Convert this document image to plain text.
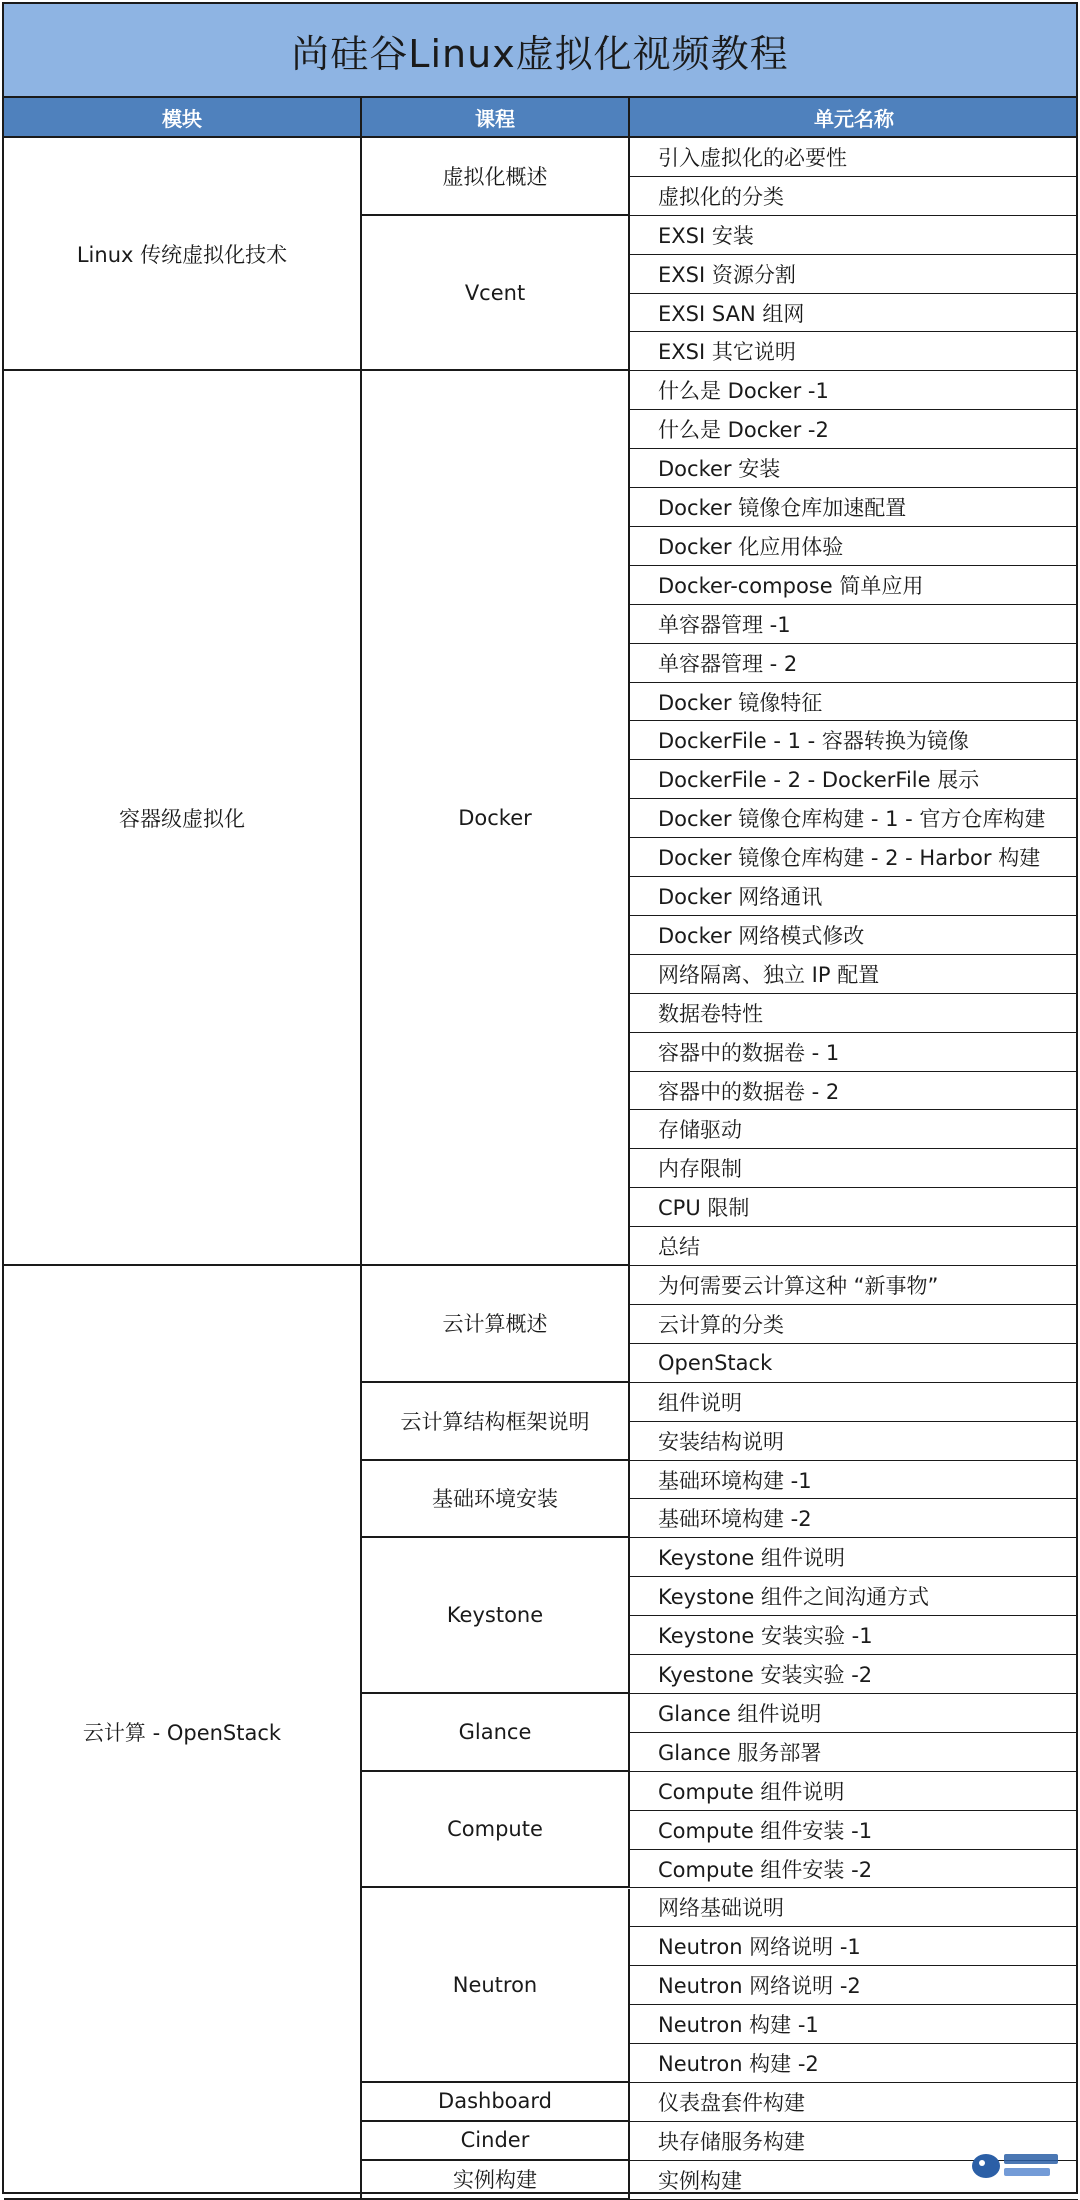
尚硅谷Linux虚拟化视频教程
模块	课程	单元名称
引入虚拟化的必要性
虚拟化的分类
虚拟化概述
EXSI 安装
EXSI 资源分割
EXSI SAN 组网
EXSI 其它说明
Vcent
Linux 传统虚拟化技术
什么是 Docker -1
什么是 Docker -2
Docker 安装
Docker 镜像仓库加速配置
Docker 化应用体验
Docker-compose 简单应用
单容器管理 -1
单容器管理 - 2
Docker 镜像特征
DockerFile - 1 - 容器转换为镜像
DockerFile - 2 - DockerFile 展示
Docker 镜像仓库构建 - 1 - 官方仓库构建
Docker 镜像仓库构建 - 2 - Harbor 构建
Docker 网络通讯
Docker 网络模式修改
网络隔离、独立 IP 配置
数据卷特性
容器中的数据卷 - 1
容器中的数据卷 - 2
存储驱动
内存限制
CPU 限制
总结
Docker
容器级虚拟化
为何需要云计算这种 “新事物”
云计算的分类
OpenStack
云计算概述
组件说明
安装结构说明
云计算结构框架说明
基础环境构建 -1
基础环境构建 -2
基础环境安装
Keystone 组件说明
Keystone 组件之间沟通方式
Keystone 安装实验 -1
Kyestone 安装实验 -2
Keystone
Glance 组件说明
Glance 服务部署
Glance
Compute 组件说明
Compute 组件安装 -1
Compute 组件安装 -2
Compute
网络基础说明
Neutron 网络说明 -1
Neutron 网络说明 -2
Neutron 构建 -1
Neutron 构建 -2
Neutron
仪表盘套件构建
Dashboard
块存储服务构建
Cinder
实例构建
实例构建
云计算 - OpenStack
